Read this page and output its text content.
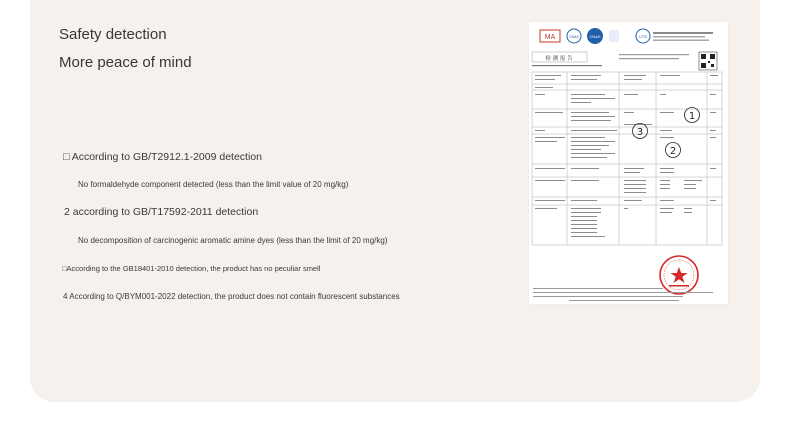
Safety detection
More peace of mind
□ According to GB/T2912.1-2009 detection
No formaldehyde component detected (less than the limit value of 20 mg/kg)
2 according to GB/T17592-2011 detection
No decomposition of carcinogenic aromatic amine dyes (less than the limit of 20 mg/kg)
□According to the GB18401-2010 detection, the product has no peculiar smell
4 According to Q/BYM001-2022 detection, the product does not contain fluorescent substances
MA	CNAS	CNAS	UTS
检 测 报 告
1
2
3
